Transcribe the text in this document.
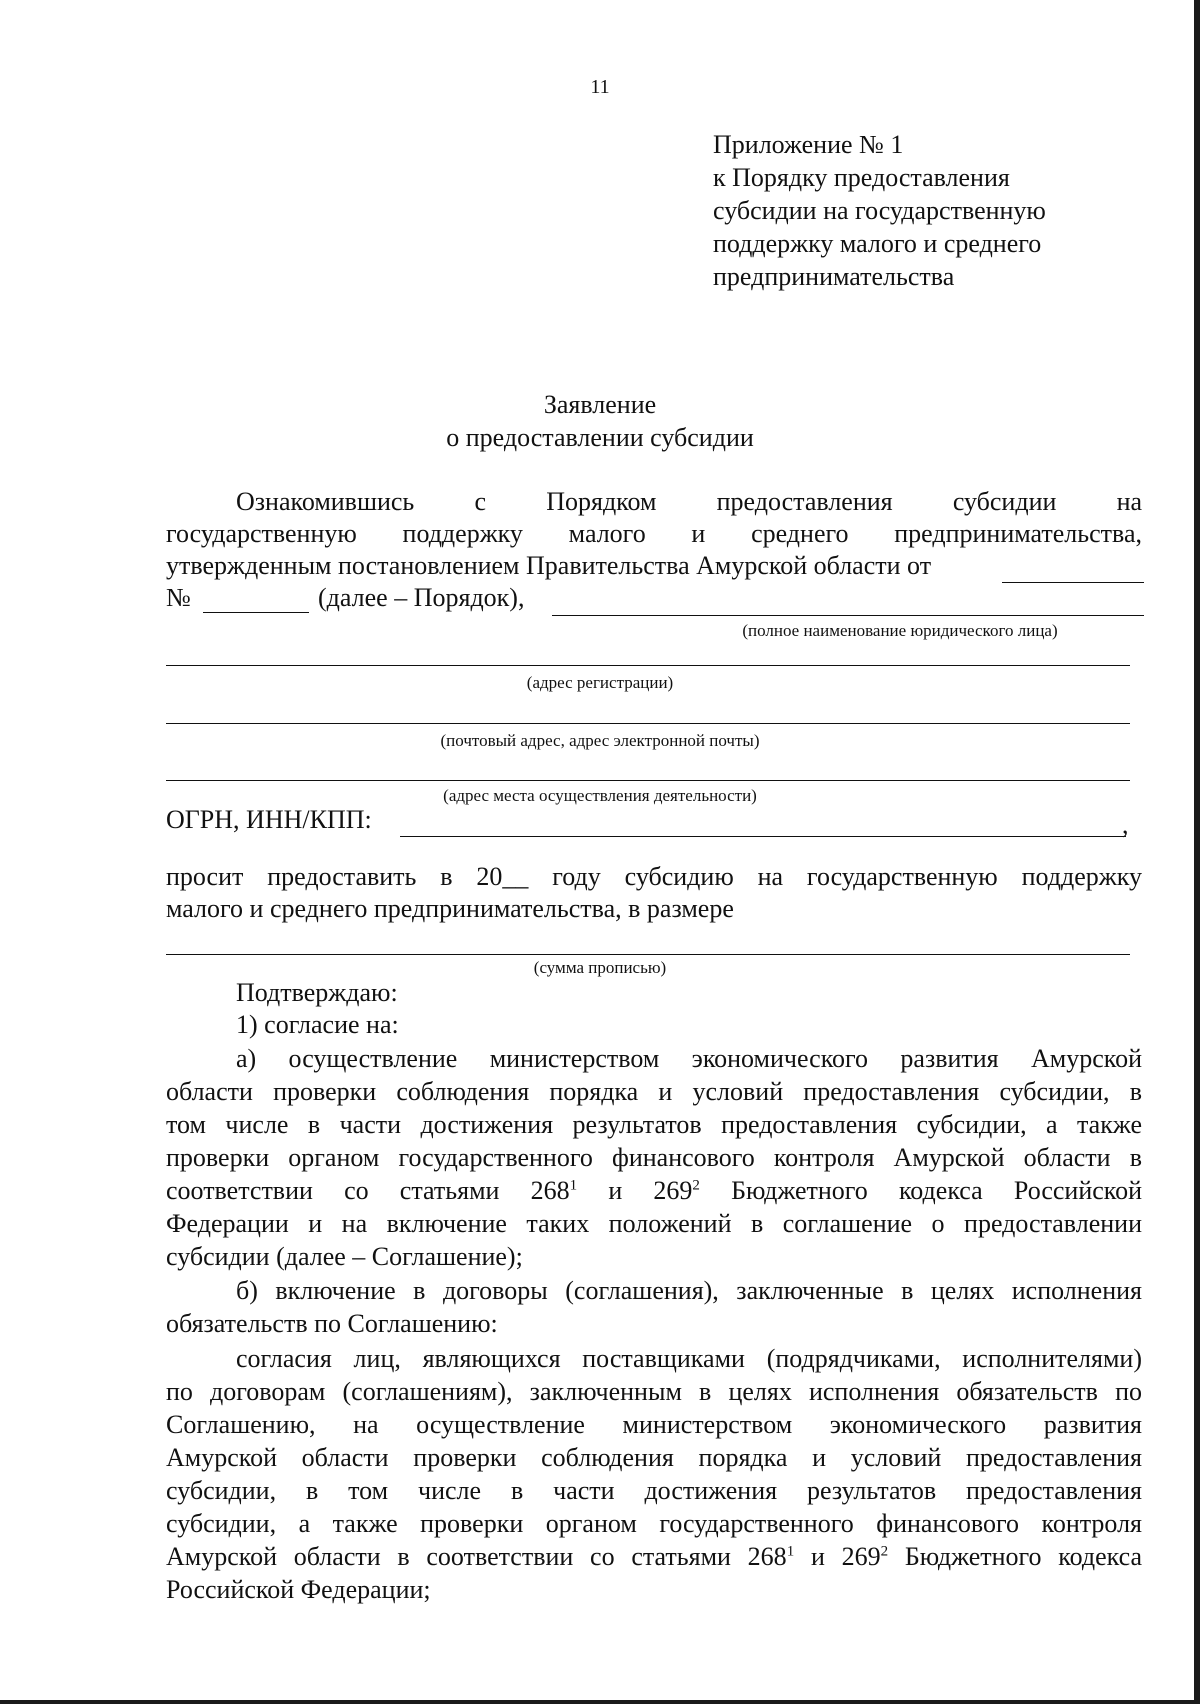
11
Приложение № 1
к Порядку предоставления
субсидии на государственную
поддержку малого и среднего
предпринимательства
Заявление
о предоставлении субсидии
Ознакомившись с Порядком предоставления субсидии на
государственную поддержку малого и среднего предпринимательства,
утвержденным постановлением Правительства Амурской области от
№	(далее – Порядок),
(полное наименование юридического лица)
(адрес регистрации)
(почтовый адрес, адрес электронной почты)
(адрес места осуществления деятельности)
ОГРН, ИНН/КПП:	,
просит предоставить в 20__ году субсидию на государственную поддержку
малого и среднего предпринимательства, в размере
(сумма прописью)
Подтверждаю:
1) согласие на:
а) осуществление министерством экономического развития Амурской
области проверки соблюдения порядка и условий предоставления субсидии, в
том числе в части достижения результатов предоставления субсидии, а также
проверки органом государственного финансового контроля Амурской области в
соответствии со статьями $268^1$ и $269^2$ Бюджетного кодекса Российской
Федерации и на включение таких положений в соглашение о предоставлении
субсидии (далее – Соглашение);
б) включение в договоры (соглашения), заключенные в целях исполнения
обязательств по Соглашению:
согласия лиц, являющихся поставщиками (подрядчиками, исполнителями)
по договорам (соглашениям), заключенным в целях исполнения обязательств по
Соглашению, на осуществление министерством экономического развития
Амурской области проверки соблюдения порядка и условий предоставления
субсидии, в том числе в части достижения результатов предоставления
субсидии, а также проверки органом государственного финансового контроля
Амурской области в соответствии со статьями $268^1$ и $269^2$ Бюджетного кодекса
Российской Федерации;
